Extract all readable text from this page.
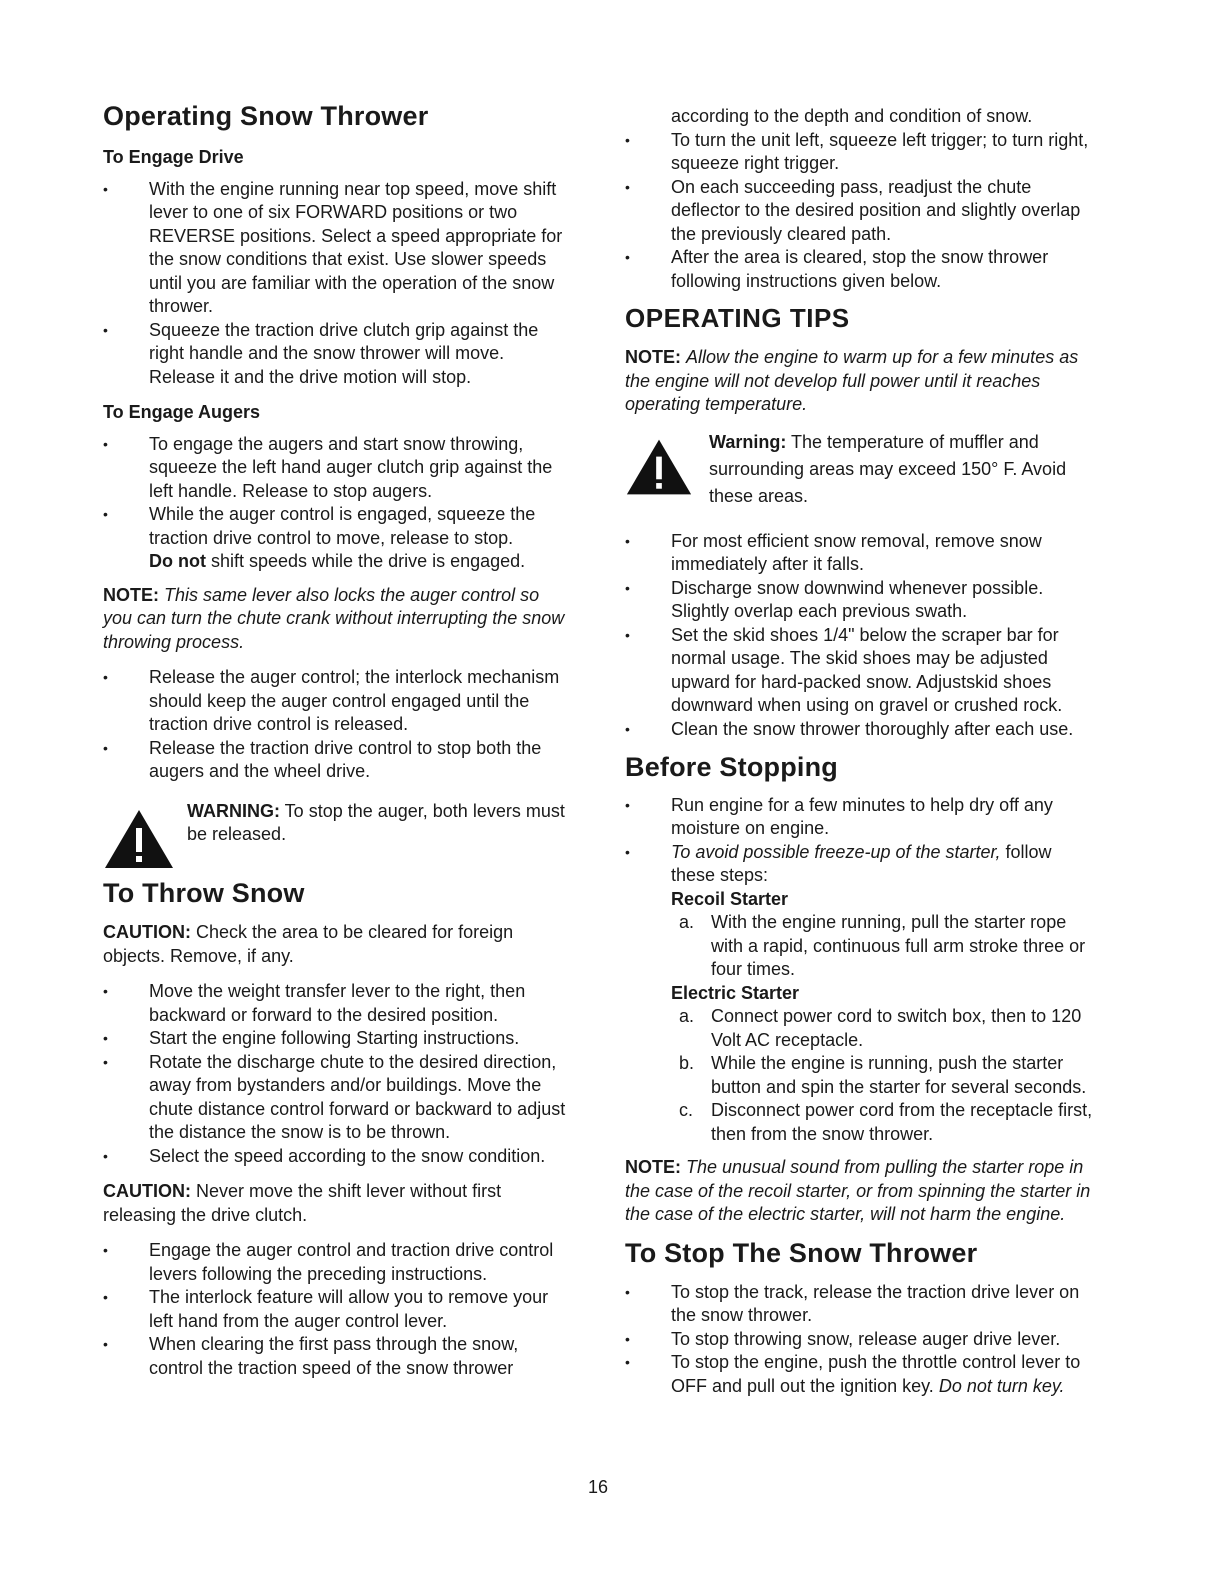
Operating Snow Thrower
To Engage Drive
• With the engine running near top speed, move shift lever to one of six FORWARD positions or two REVERSE positions. Select a speed appropriate for the snow conditions that exist. Use slower speeds until you are familiar with the operation of the snow thrower.
• Squeeze the traction drive clutch grip against the right handle and the snow thrower will move. Release it and the drive motion will stop.
To Engage Augers
• To engage the augers and start snow throwing, squeeze the left hand auger clutch grip against the left handle. Release to stop augers.
• While the auger control is engaged, squeeze the traction drive control to move, release to stop.
Do not shift speeds while the drive is engaged.

NOTE: This same lever also locks the auger control so you can turn the chute crank without interrupting the snow throwing process.

• Release the auger control; the interlock mechanism should keep the auger control engaged until the traction drive control is released.
• Release the traction drive control to stop both the augers and the wheel drive.

WARNING: To stop the auger, both levers must be released.

To Throw Snow

CAUTION: Check the area to be cleared for foreign objects. Remove, if any.

• Move the weight transfer lever to the right, then backward or forward to the desired position.
• Start the engine following Starting instructions.
• Rotate the discharge chute to the desired direction, away from bystanders and/or buildings. Move the chute distance control forward or backward to adjust the distance the snow is to be thrown.
• Select the speed according to the snow condition.

CAUTION: Never move the shift lever without first releasing the drive clutch.

• Engage the auger control and traction drive control levers following the preceding instructions.
• The interlock feature will allow you to remove your left hand from the auger control lever.
• When clearing the first pass through the snow, control the traction speed of the snow thrower

according to the depth and condition of snow.

• To turn the unit left, squeeze left trigger; to turn right, squeeze right trigger.
• On each succeeding pass, readjust the chute deflector to the desired position and slightly overlap the previously cleared path.
• After the area is cleared, stop the snow thrower following instructions given below.
OPERATING TIPS

NOTE: Allow the engine to warm up for a few minutes as the engine will not develop full power until it reaches operating temperature.

Warning: The temperature of muffler and surrounding areas may exceed 150° F. Avoid these areas.

• For most efficient snow removal, remove snow immediately after it falls.
• Discharge snow downwind whenever possible. Slightly overlap each previous swath.
• Set the skid shoes 1/4" below the scraper bar for normal usage. The skid shoes may be adjusted upward for hard-packed snow. Adjustskid shoes downward when using on gravel or crushed rock.
• Clean the snow thrower thoroughly after each use.
Before Stopping
• Run engine for a few minutes to help dry off any moisture on engine.
• To avoid possible freeze-up of the starter, follow these steps:
Recoil Starter
a. With the engine running, pull the starter rope with a rapid, continuous full arm stroke three or four times.
Electric Starter
a. Connect power cord to switch box, then to 120 Volt AC receptacle.
b. While the engine is running, push the starter button and spin the starter for several seconds.
c. Disconnect power cord from the receptacle first, then from the snow thrower.

NOTE: The unusual sound from pulling the starter rope in the case of the recoil starter, or from spinning the starter in the case of the electric starter, will not harm the engine.

To Stop The Snow Thrower
• To stop the track, release the traction drive lever on the snow thrower.
• To stop throwing snow, release auger drive lever.
• To stop the engine, push the throttle control lever to OFF and pull out the ignition key. Do not turn key.
16
